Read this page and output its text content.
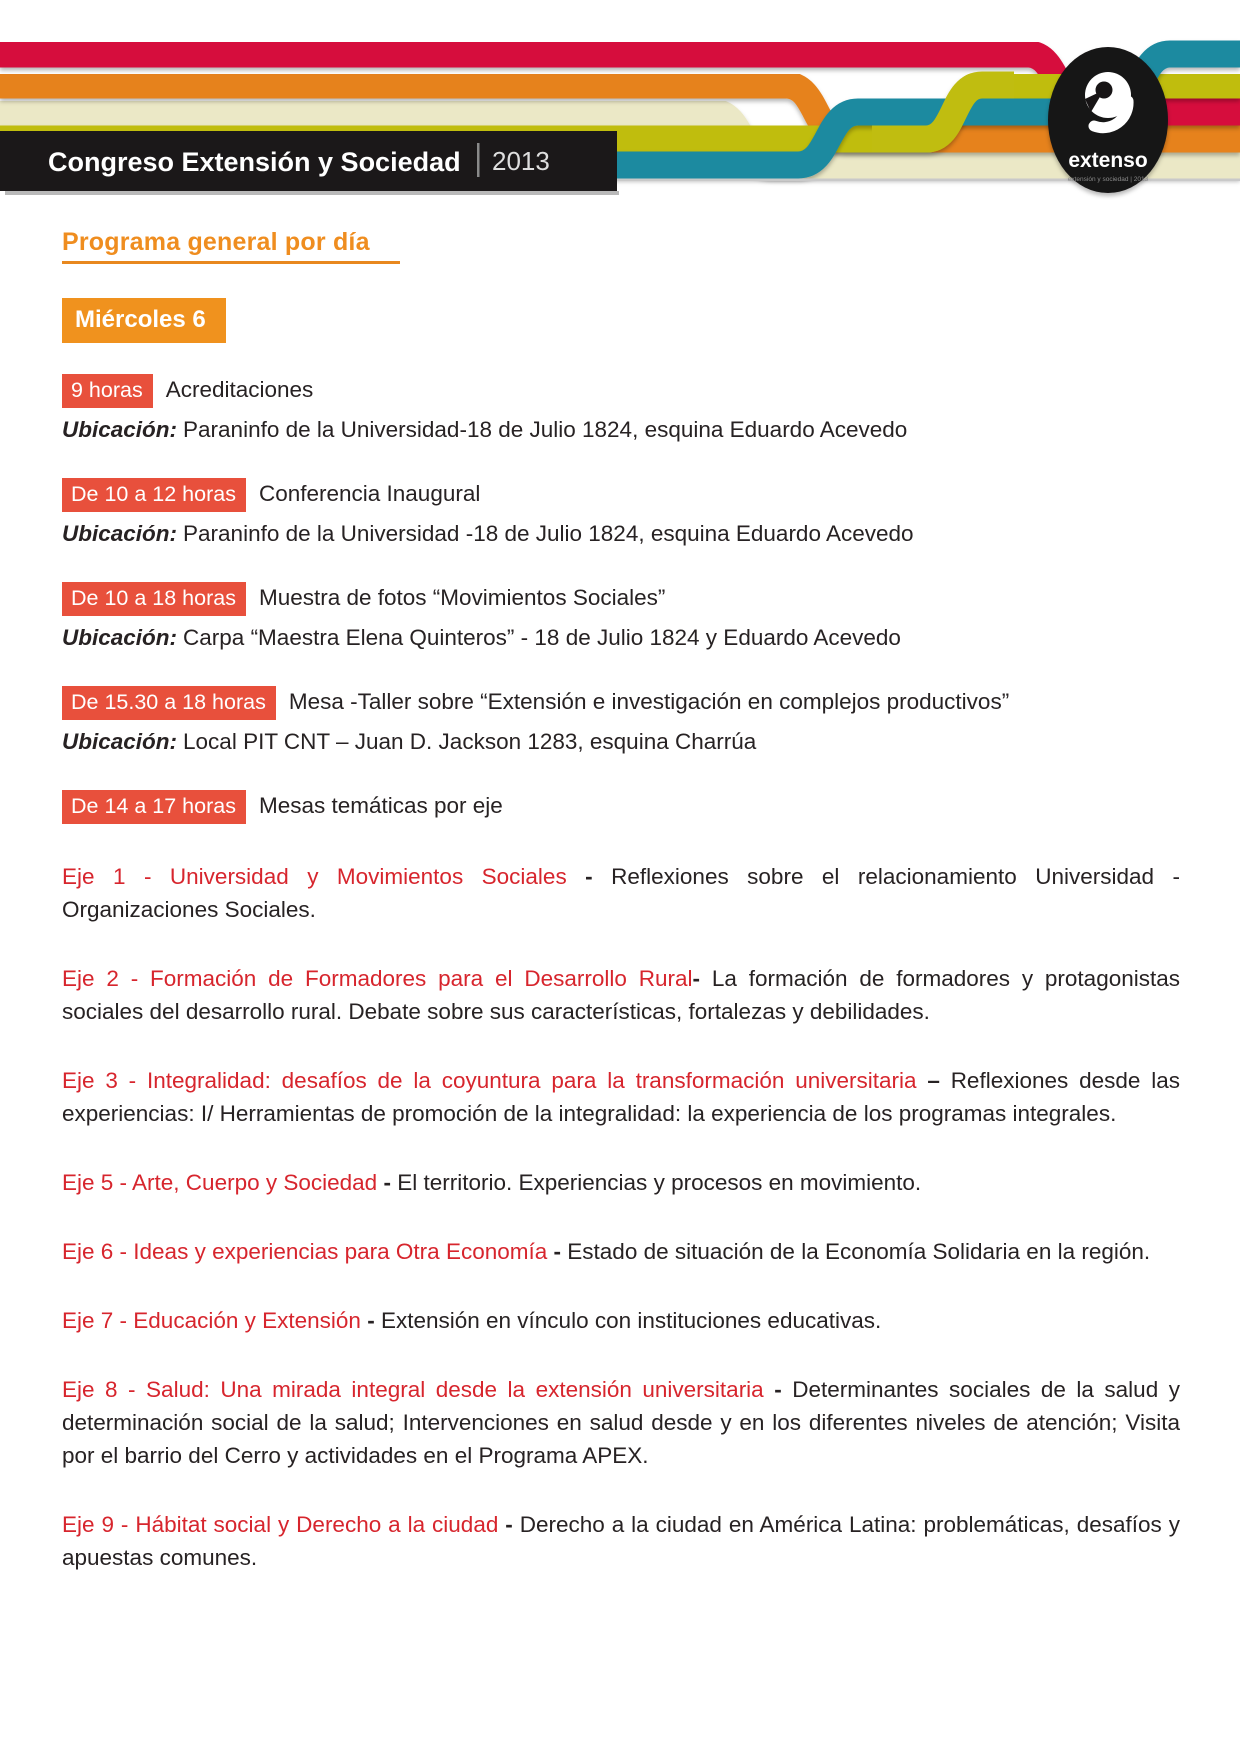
Congreso Extensión y Sociedad 2013	extenso
extensión y sociedad | 2013
Programa general por día
Miércoles 6
9 horas Acreditaciones
Ubicación: Paraninfo de la Universidad-18 de Julio 1824, esquina Eduardo Acevedo
De 10 a 12 horas Conferencia Inaugural
Ubicación: Paraninfo de la Universidad -18 de Julio 1824, esquina Eduardo Acevedo
De 10 a 18 horas Muestra de fotos “Movimientos Sociales”
Ubicación: Carpa “Maestra Elena Quinteros” - 18 de Julio 1824 y Eduardo Acevedo
De 15.30 a 18 horas Mesa -Taller sobre “Extensión e investigación en complejos productivos”
Ubicación: Local PIT CNT – Juan D. Jackson 1283, esquina Charrúa
De 14 a 17 horas Mesas temáticas por eje

Eje 1 - Universidad y Movimientos Sociales - Reflexiones sobre el relacionamiento Universidad - Organizaciones Sociales.

Eje 2 - Formación de Formadores para el Desarrollo Rural- La formación de formadores y protagonistas sociales del desarrollo rural. Debate sobre sus características, fortalezas y debilidades.

Eje 3 - Integralidad: desafíos de la coyuntura para la transformación universitaria – Reflexiones desde las experiencias: I/ Herramientas de promoción de la integralidad: la experiencia de los programas integrales.

Eje 5 - Arte, Cuerpo y Sociedad - El territorio. Experiencias y procesos en movimiento.

Eje 6 - Ideas y experiencias para Otra Economía - Estado de situación de la Economía Solidaria en la región.

Eje 7 - Educación y Extensión - Extensión en vínculo con instituciones educativas.

Eje 8 - Salud: Una mirada integral desde la extensión universitaria - Determinantes sociales de la salud y determinación social de la salud; Intervenciones en salud desde y en los diferentes niveles de atención; Visita por el barrio del Cerro y actividades en el Programa APEX.

Eje 9 - Hábitat social y Derecho a la ciudad - Derecho a la ciudad en América Latina: problemáticas, desafíos y apuestas comunes.
